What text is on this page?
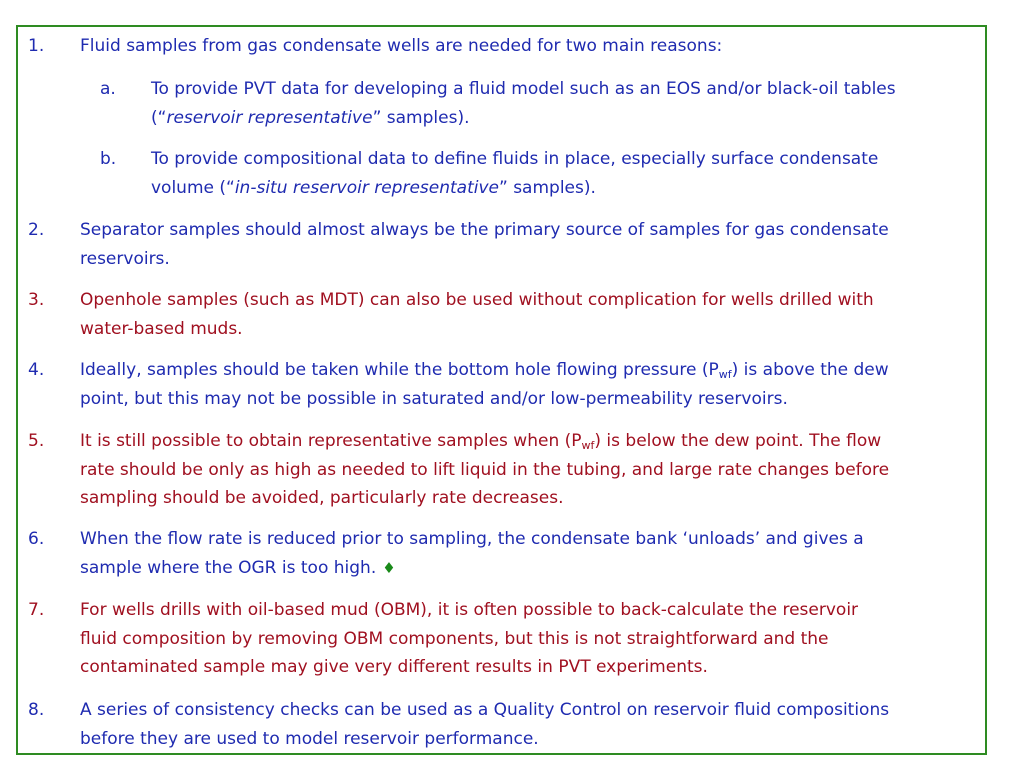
1. Fluid samples from gas condensate wells are needed for two main reasons:
a. To provide PVT data for developing a fluid model such as an EOS and/or black-oil tables
(“reservoir representative” samples).
b. To provide compositional data to define fluids in place, especially surface condensate
volume (“in-situ reservoir representative” samples).
2. Separator samples should almost always be the primary source of samples for gas condensate
reservoirs.
3. Openhole samples (such as MDT) can also be used without complication for wells drilled with
water-based muds.
4. Ideally, samples should be taken while the bottom hole flowing pressure $(P_{wf})$ is above the dew
point, but this may not be possible in saturated and/or low-permeability reservoirs.
5. It is still possible to obtain representative samples when $(P_{wf})$ is below the dew point. The flow
rate should be only as high as needed to lift liquid in the tubing, and large rate changes before
sampling should be avoided, particularly rate decreases.
6. When the flow rate is reduced prior to sampling, the condensate bank ‘unloads’ and gives a
sample where the OGR is too high. ♦
7. For wells drills with oil-based mud (OBM), it is often possible to back-calculate the reservoir
fluid composition by removing OBM components, but this is not straightforward and the
contaminated sample may give very different results in PVT experiments.
8. A series of consistency checks can be used as a Quality Control on reservoir fluid compositions
before they are used to model reservoir performance.
